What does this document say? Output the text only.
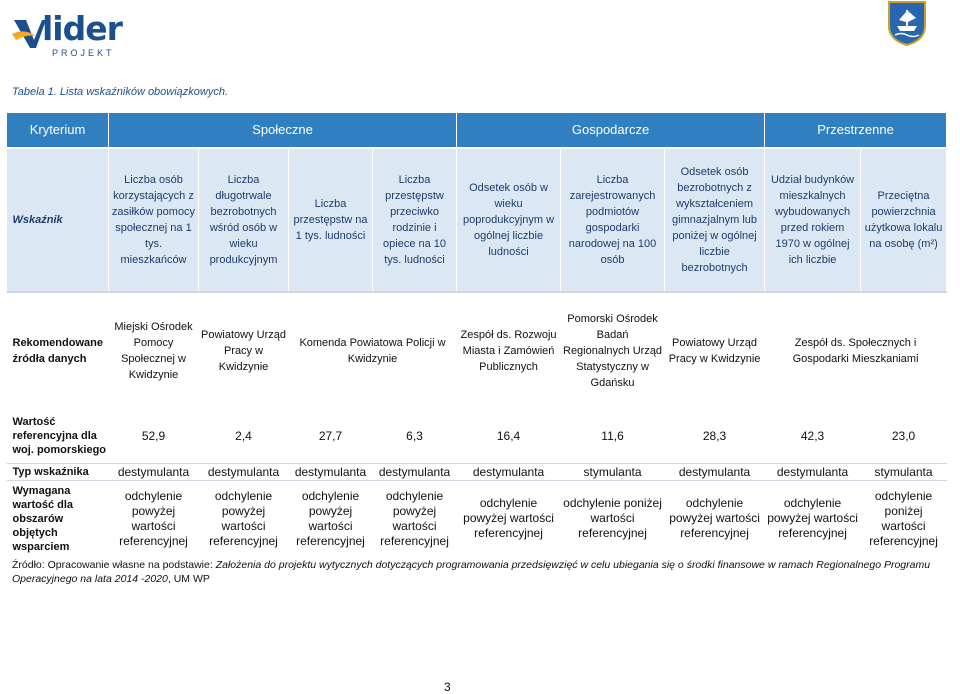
lider
PROJEKT
Tabela 1. Lista wskaźników obowiązkowych.
Kryterium	Społeczne				Gospodarcze			Przestrzenne	
Wskaźnik	Liczba osób korzystających z zasiłków pomocy społecznej na 1 tys. mieszkańców	Liczba długotrwale bezrobotnych wśród osób w wieku produkcyjnym	Liczba przestępstw na 1 tys. ludności	Liczba przestępstw przeciwko rodzinie i opiece na 10 tys. ludności	Odsetek osób w wieku poprodukcyjnym w ogólnej liczbie ludności	Liczba zarejestrowanych podmiotów gospodarki narodowej na 100 osób	Odsetek osób bezrobotnych z wykształceniem gimnazjalnym lub poniżej w ogólnej liczbie bezrobotnych	Udział budynków mieszkalnych wybudowanych przed rokiem 1970 w ogólnej ich liczbie	Przeciętna powierzchnia użytkowa lokalu na osobę (m²)
Rekomendowane źródła danych	Miejski Ośrodek Pomocy Społecznej w Kwidzynie	Powiatowy Urząd Pracy w Kwidzynie	Komenda Powiatowa Policji w Kwidzynie		Zespół ds. Rozwoju Miasta i Zamówień Publicznych	Pomorski Ośrodek Badań Regionalnych Urząd Statystyczny w Gdańsku	Powiatowy Urząd Pracy w Kwidzynie	Zespół ds. Społecznych i Gospodarki Mieszkaniami	
Wartość referencyjna dla woj. pomorskiego	52,9	2,4	27,7	6,3	16,4	11,6	28,3	42,3	23,0
Typ wskaźnika	destymulanta	destymulanta	destymulanta	destymulanta	destymulanta	stymulanta	destymulanta	destymulanta	stymulanta
Wymagana wartość dla obszarów objętych wsparciem	odchylenie powyżej wartości referencyjnej	odchylenie powyżej wartości referencyjnej	odchylenie powyżej wartości referencyjnej	odchylenie powyżej wartości referencyjnej	odchylenie powyżej wartości referencyjnej	odchylenie poniżej wartości referencyjnej	odchylenie powyżej wartości referencyjnej	odchylenie powyżej wartości referencyjnej	odchylenie poniżej wartości referencyjnej
Źródło: Opracowanie własne na podstawie: Założenia do projektu wytycznych dotyczących programowania przedsięwzięć w celu ubiegania się o środki finansowe w ramach Regionalnego Programu Operacyjnego na lata 2014 -2020, UM WP
3
